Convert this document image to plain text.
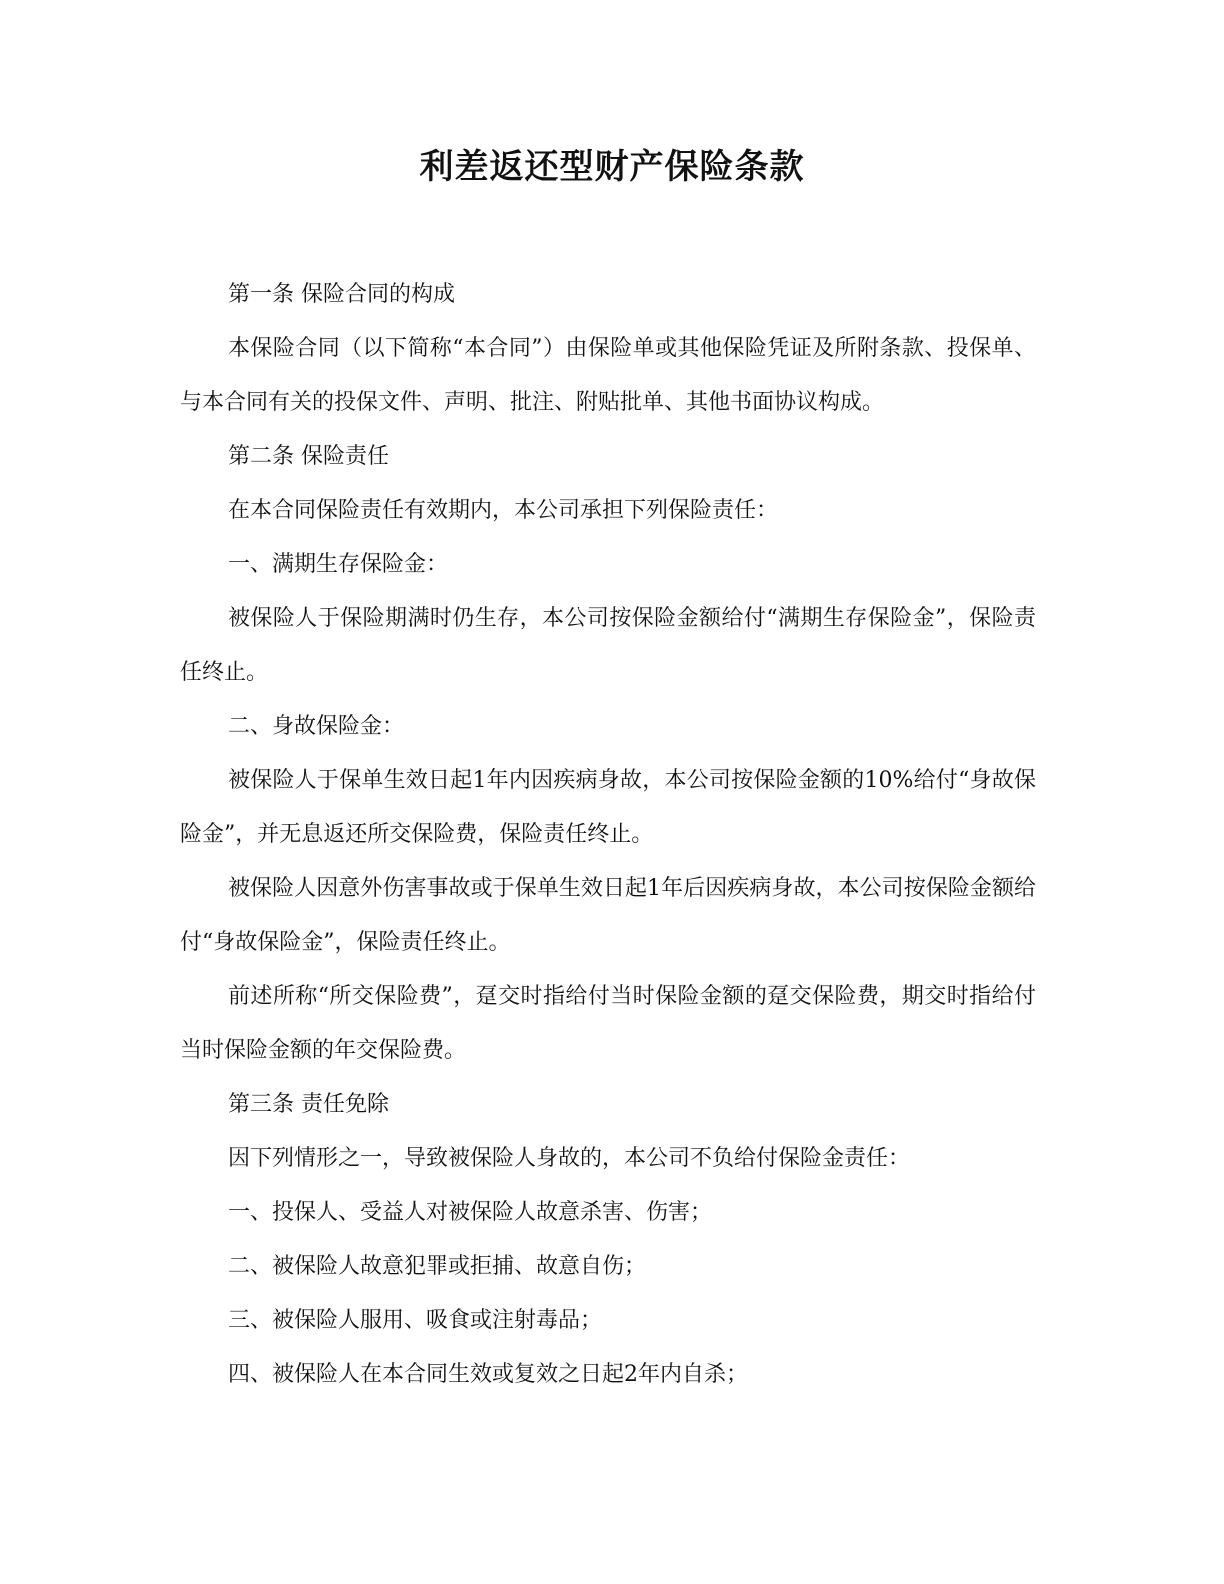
利差返还型财产保险条款

第一条 保险合同的构成

本保险合同（以下简称“本合同”）由保险单或其他保险凭证及所附条款、投保单、与本合同有关的投保文件、声明、批注、附贴批单、其他书面协议构成。

第二条 保险责任

在本合同保险责任有效期内，本公司承担下列保险责任：

一、满期生存保险金：

被保险人于保险期满时仍生存，本公司按保险金额给付“满期生存保险金”，保险责任终止。

二、身故保险金：

被保险人于保单生效日起1年内因疾病身故，本公司按保险金额的10%给付“身故保险金”，并无息返还所交保险费，保险责任终止。

被保险人因意外伤害事故或于保单生效日起1年后因疾病身故，本公司按保险金额给付“身故保险金”，保险责任终止。

前述所称“所交保险费”，趸交时指给付当时保险金额的趸交保险费，期交时指给付当时保险金额的年交保险费。

第三条 责任免除

因下列情形之一，导致被保险人身故的，本公司不负给付保险金责任：

一、投保人、受益人对被保险人故意杀害、伤害；

二、被保险人故意犯罪或拒捕、故意自伤；

三、被保险人服用、吸食或注射毒品；

四、被保险人在本合同生效或复效之日起2年内自杀；
